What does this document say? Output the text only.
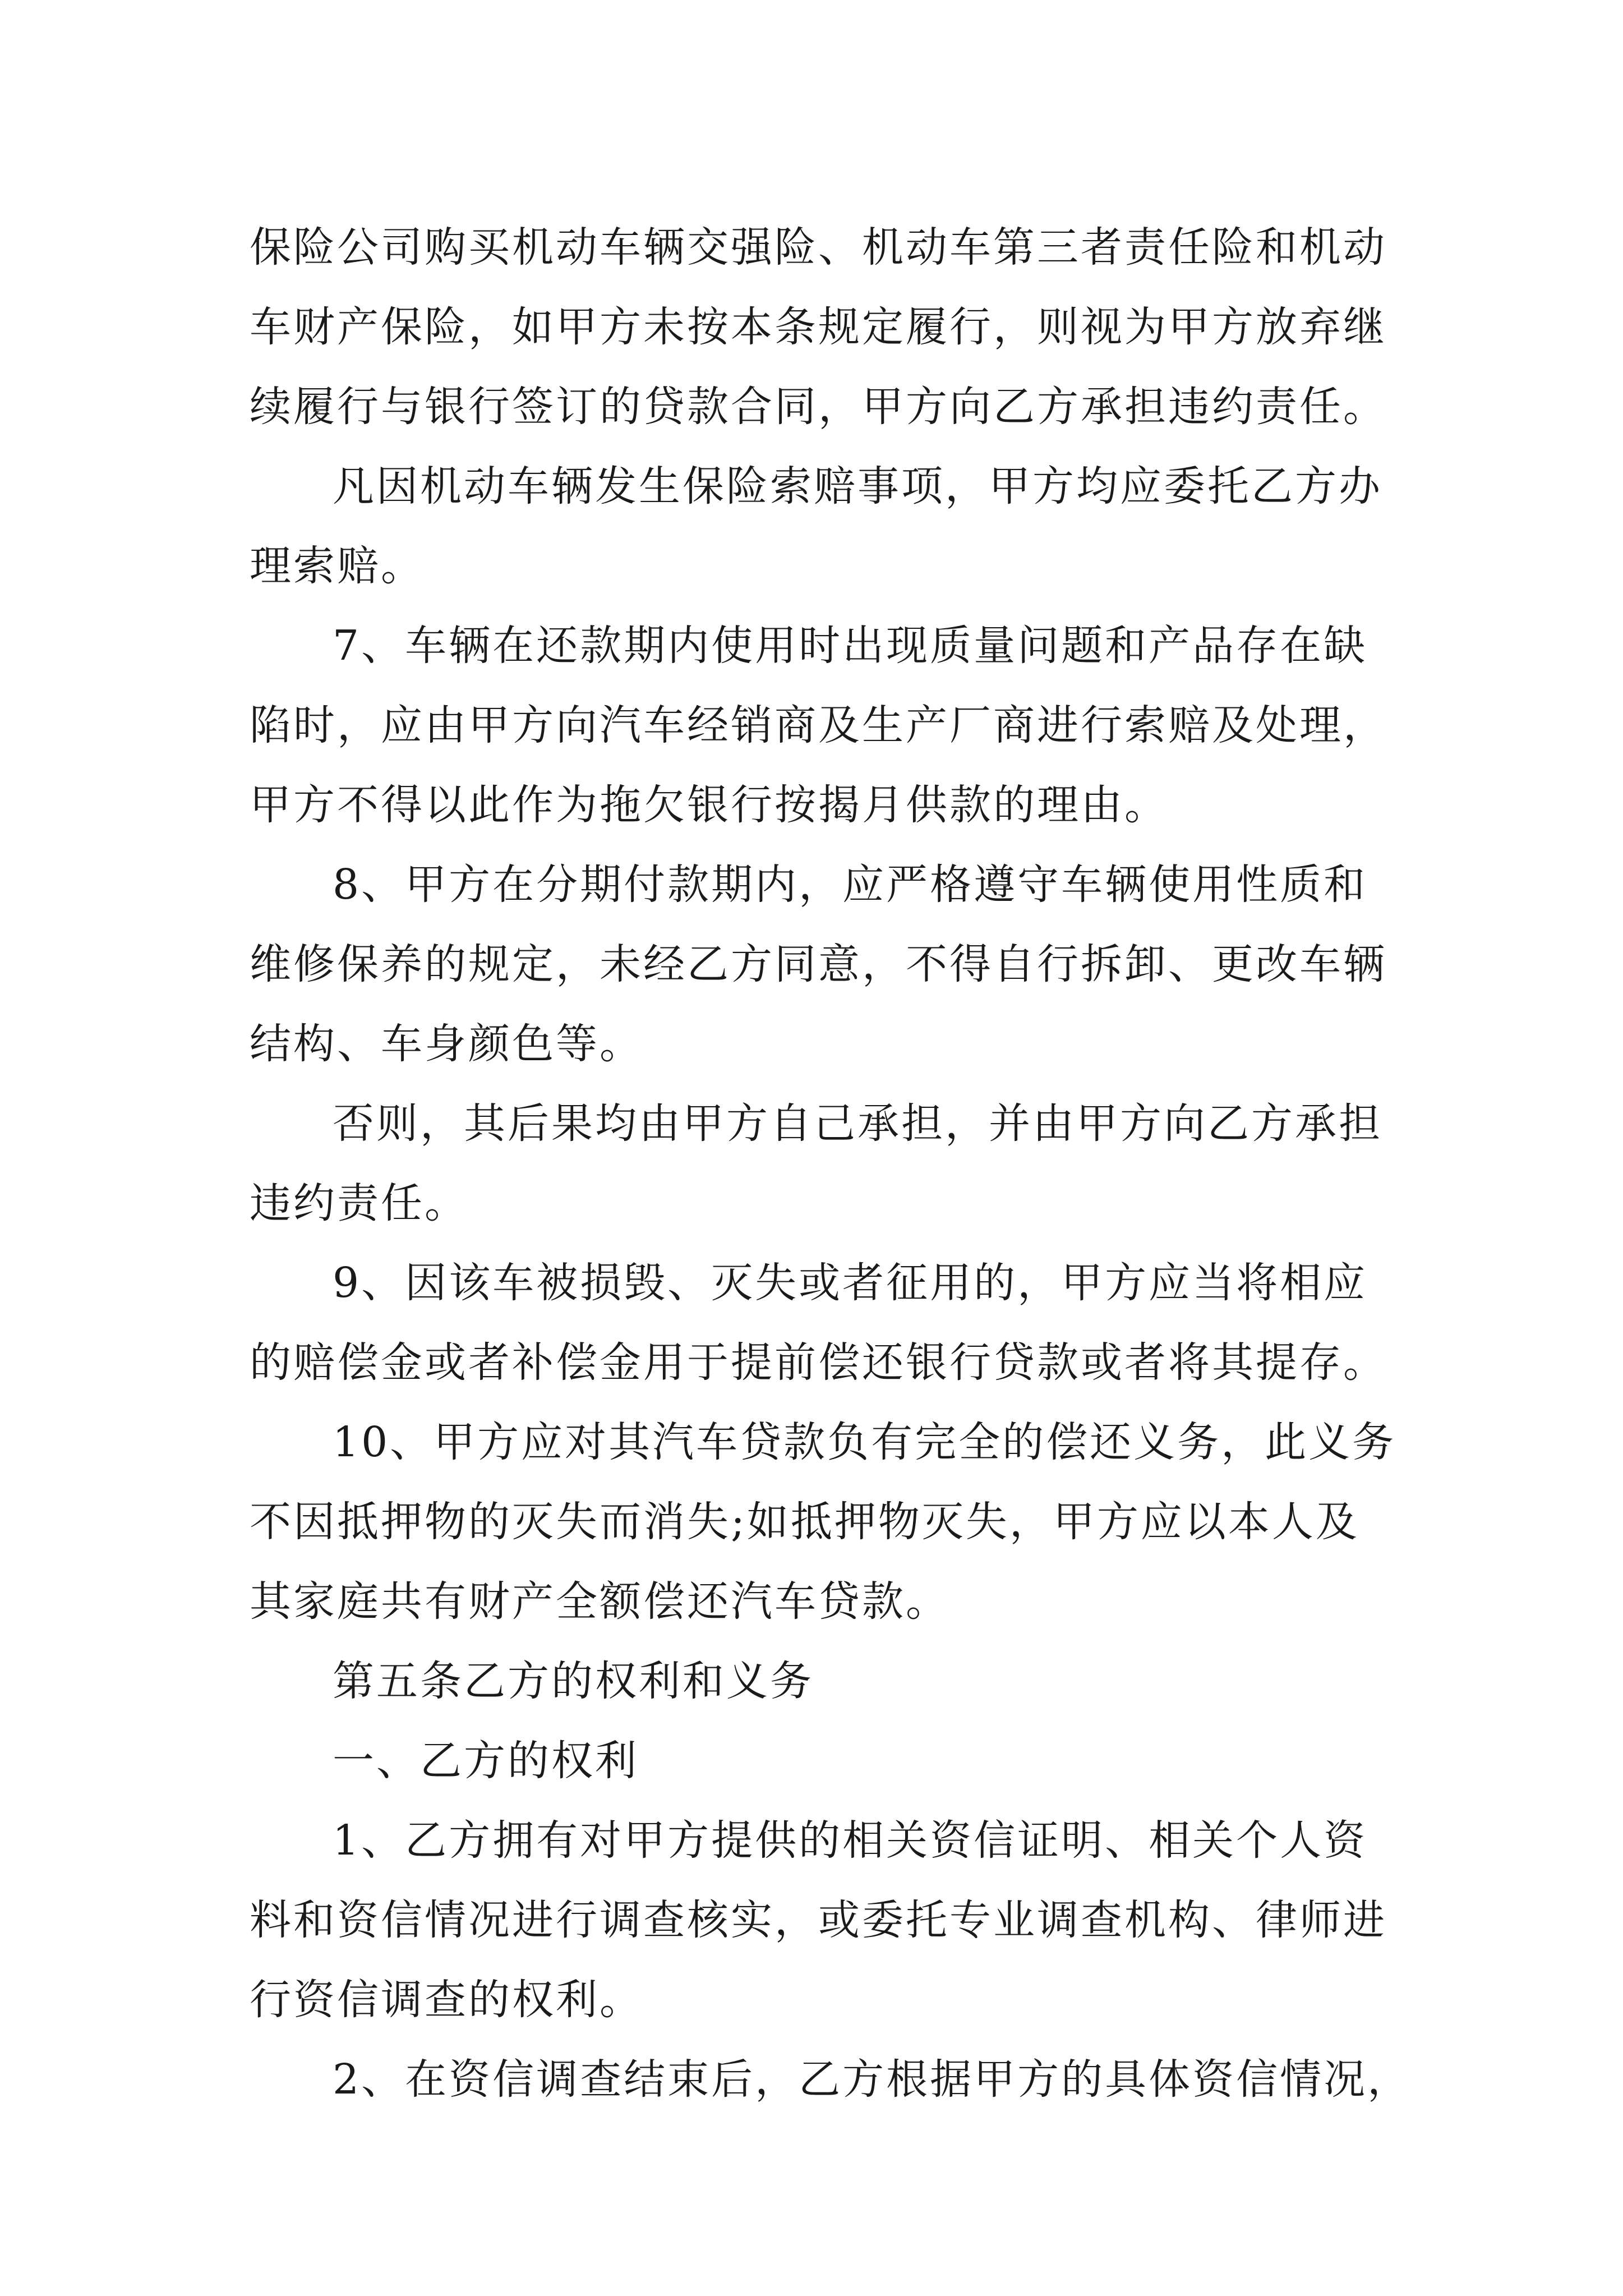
保险公司购买机动车辆交强险、机动车第三者责任险和机动
车财产保险，如甲方未按本条规定履行，则视为甲方放弃继
续履行与银行签订的贷款合同，甲方向乙方承担违约责任。
凡因机动车辆发生保险索赔事项，甲方均应委托乙方办
理索赔。
7、车辆在还款期内使用时出现质量问题和产品存在缺
陷时，应由甲方向汽车经销商及生产厂商进行索赔及处理，
甲方不得以此作为拖欠银行按揭月供款的理由。
8、甲方在分期付款期内，应严格遵守车辆使用性质和
维修保养的规定，未经乙方同意，不得自行拆卸、更改车辆
结构、车身颜色等。
否则，其后果均由甲方自己承担，并由甲方向乙方承担
违约责任。
9、因该车被损毁、灭失或者征用的，甲方应当将相应
的赔偿金或者补偿金用于提前偿还银行贷款或者将其提存。
10、甲方应对其汽车贷款负有完全的偿还义务，此义务
不因抵押物的灭失而消失;如抵押物灭失，甲方应以本人及
其家庭共有财产全额偿还汽车贷款。
第五条乙方的权利和义务
一、乙方的权利
1、乙方拥有对甲方提供的相关资信证明、相关个人资
料和资信情况进行调查核实，或委托专业调查机构、律师进
行资信调查的权利。
2、在资信调查结束后，乙方根据甲方的具体资信情况，
